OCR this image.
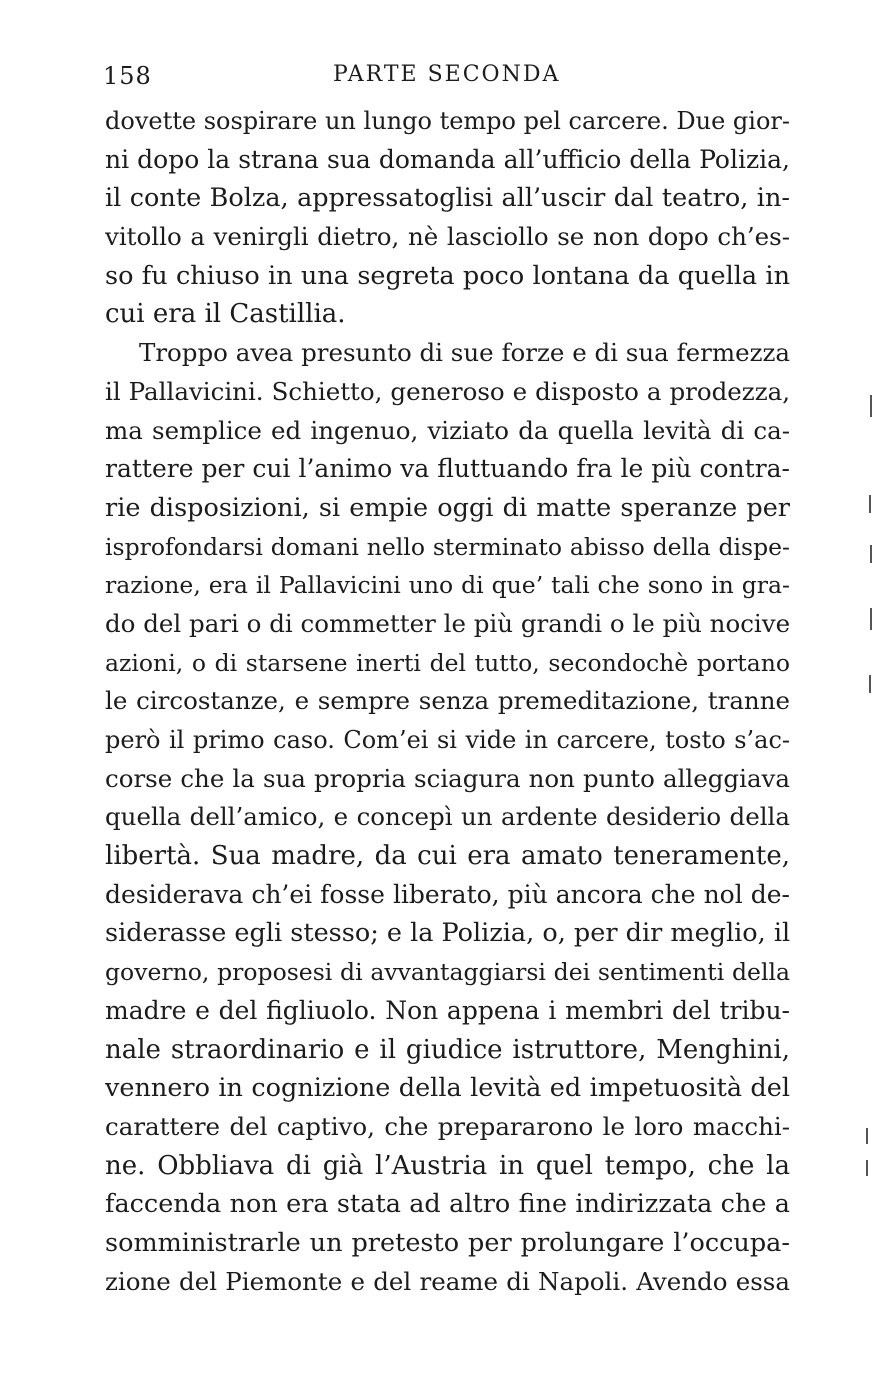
158	PARTE SECONDA
dovette sospirare un lungo tempo pel carcere. Due gior-
ni dopo la strana sua domanda all’ufficio della Polizia,
il conte Bolza, appressatoglisi all’uscir dal teatro, in-
vitollo a venirgli dietro, nè lasciollo se non dopo ch’es-
so fu chiuso in una segreta poco lontana da quella in
cui era il Castillia.
Troppo avea presunto di sue forze e di sua fermezza
il Pallavicini. Schietto, generoso e disposto a prodezza,
ma semplice ed ingenuo, viziato da quella levità di ca-
rattere per cui l’animo va fluttuando fra le più contra-
rie disposizioni, si empie oggi di matte speranze per
isprofondarsi domani nello sterminato abisso della dispe-
razione, era il Pallavicini uno di que’ tali che sono in gra-
do del pari o di commetter le più grandi o le più nocive
azioni, o di starsene inerti del tutto, secondochè portano
le circostanze, e sempre senza premeditazione, tranne
però il primo caso. Com’ei si vide in carcere, tosto s’ac-
corse che la sua propria sciagura non punto alleggiava
quella dell’amico, e concepì un ardente desiderio della
libertà. Sua madre, da cui era amato teneramente,
desiderava ch’ei fosse liberato, più ancora che nol de-
siderasse egli stesso; e la Polizia, o, per dir meglio, il
governo, proposesi di avvantaggiarsi dei sentimenti della
madre e del figliuolo. Non appena i membri del tribu-
nale straordinario e il giudice istruttore, Menghini,
vennero in cognizione della levità ed impetuosità del
carattere del captivo, che prepararono le loro macchi-
ne. Obbliava di già l’Austria in quel tempo, che la
faccenda non era stata ad altro fine indirizzata che a
somministrarle un pretesto per prolungare l’occupa-
zione del Piemonte e del reame di Napoli. Avendo essa
